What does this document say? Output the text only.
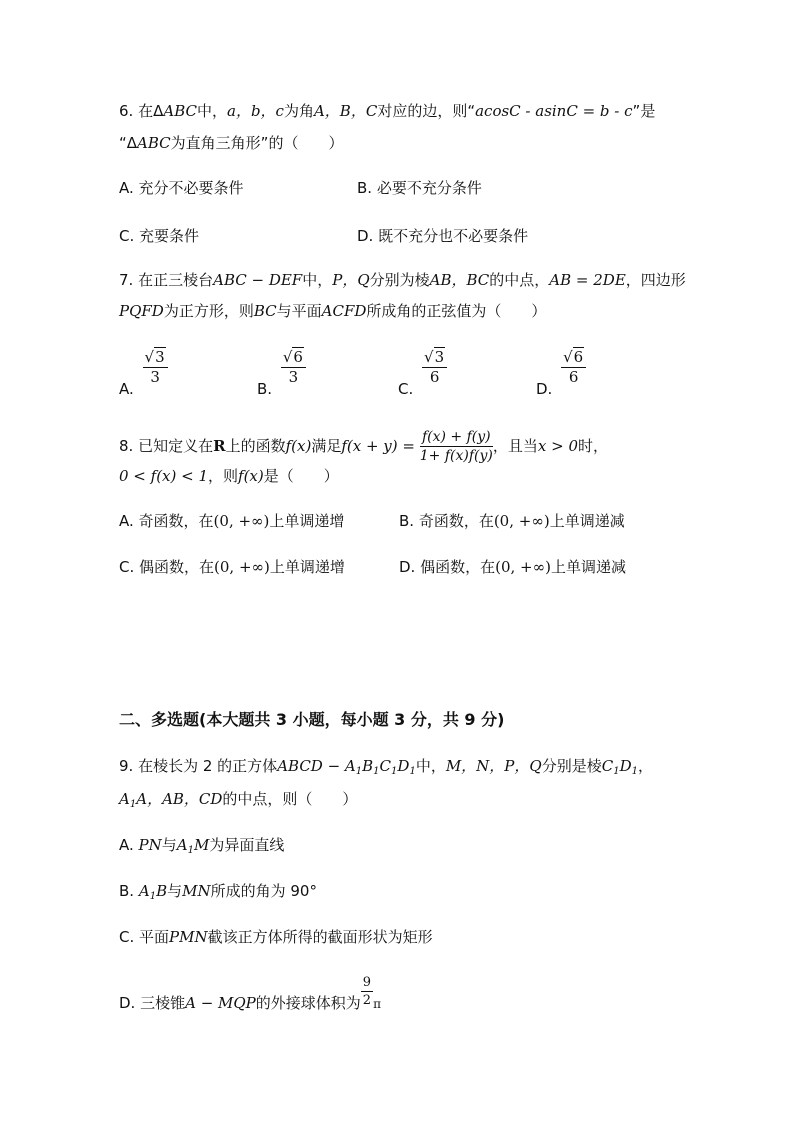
6. 在ΔABC中，a，b，c为角A，B，C对应的边，则“acosC - asinC = b - c”是
“ΔABC为直角三角形”的（　　）
A. 充分不必要条件	B. 必要不充分条件
C. 充要条件	D. 既不充分也不必要条件
7. 在正三棱台ABC − DEF中，P，Q分别为棱AB，BC的中点，AB = 2DE，四边形
PQFD为正方形，则BC与平面ACFD所成角的正弦值为（　　）
A.
$\frac{√3}{3}$
B.
$\frac{√6}{3}$
C.
$\frac{√3}{6}$
D.
$\frac{√6}{6}$
8. 已知定义在R上的函数f(x)满足$f(x + y) = \frac{f(x) + f(y)}{1+ f(x)f(y)}$ ，且当x > 0时，
0 < f(x) < 1，则f(x)是（　　）
A. 奇函数，在(0, +∞)上单调递增	B. 奇函数，在(0, +∞)上单调递减
C. 偶函数，在(0, +∞)上单调递增	D. 偶函数，在(0, +∞)上单调递减
二、多选题(本大题共 3 小题，每小题 3 分，共 9 分)
9. 在棱长为 2 的正方体ABCD − $A_1B_1C_1D_1$中，M，N，P，Q分别是棱$C_1D_1$，
$A_1A$，AB，CD的中点，则（　　）
A. PN与$A_1M$为异面直线
B. $A_1B$与MN所成的角为 90°
C. 平面PMN截该正方体所得的截面形状为矩形
D. 三棱锥A − MQP的外接球体积为 $\frac{9}{2}$ π
